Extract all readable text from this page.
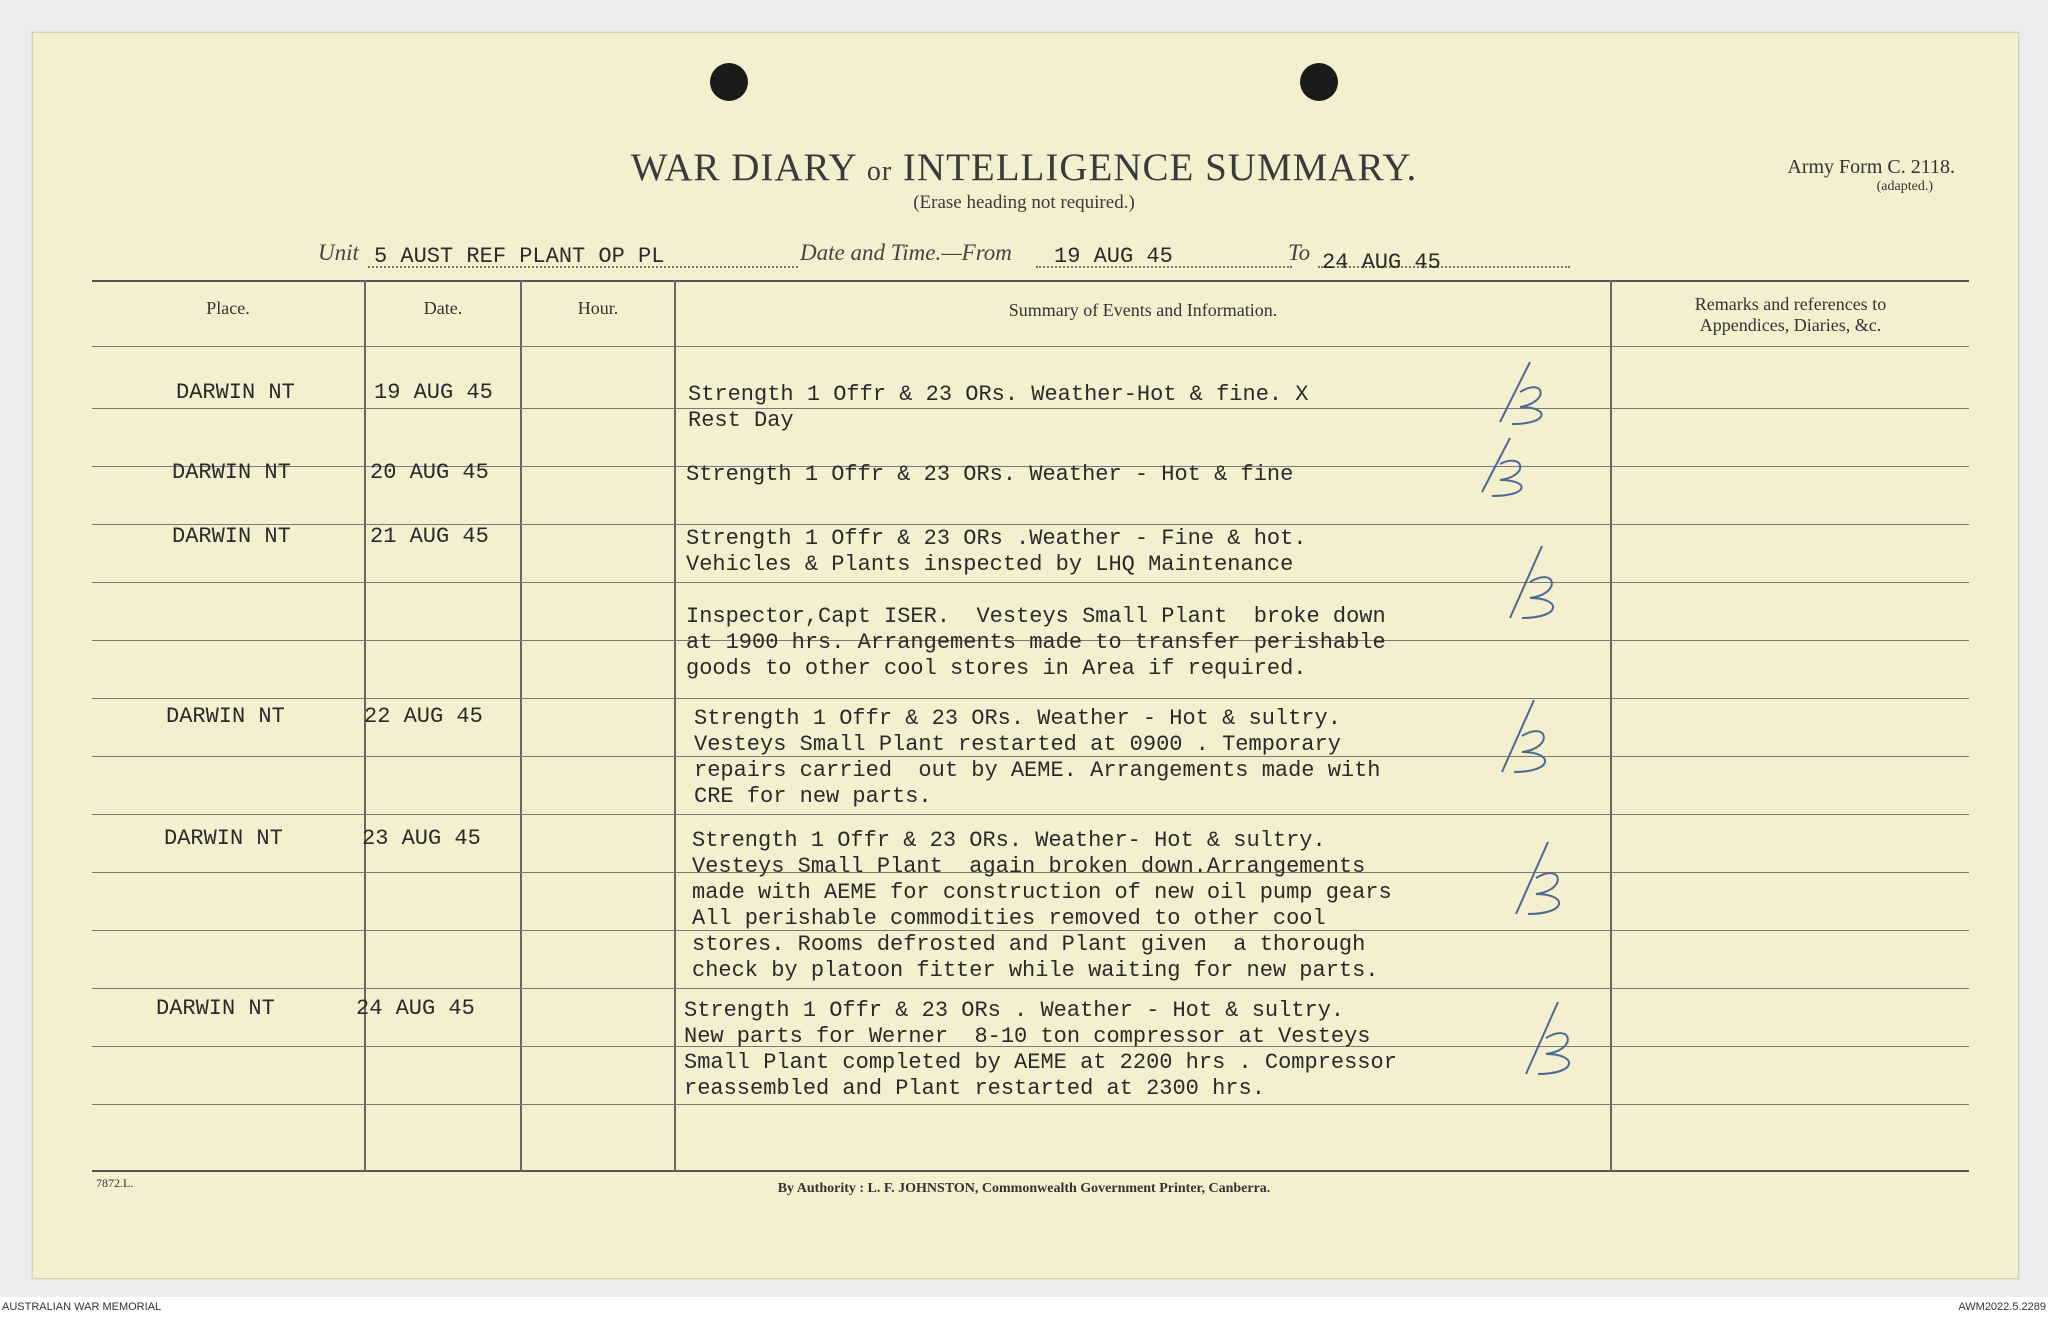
WAR DIARY or INTELLIGENCE SUMMARY.
(Erase heading not required.)
Army Form C. 2118.
(adapted.)
Unit 5 AUST REF PLANT OP PL	Date and Time.—From 19 AUG 45	To 24 AUG 45
Place.	Date.	Hour.	Summary of Events and Information.	Remarks and references to
Appendices, Diaries, &c.
DARWIN NT	19 AUG 45	Strength 1 Offr & 23 ORs. Weather-Hot & fine. X
Rest Day
DARWIN NT	20 AUG 45	Strength 1 Offr & 23 ORs. Weather - Hot & fine
DARWIN NT	21 AUG 45	Strength 1 Offr & 23 ORs .Weather - Fine & hot.
Vehicles & Plants inspected by LHQ Maintenance

Inspector,Capt ISER.  Vesteys Small Plant  broke down
at 1900 hrs. Arrangements made to transfer perishable
goods to other cool stores in Area if required.
DARWIN NT	22 AUG 45	Strength 1 Offr & 23 ORs. Weather - Hot & sultry.
Vesteys Small Plant restarted at 0900 . Temporary
repairs carried  out by AEME. Arrangements made with
CRE for new parts.
DARWIN NT	23 AUG 45	Strength 1 Offr & 23 ORs. Weather- Hot & sultry.
Vesteys Small Plant  again broken down.Arrangements
made with AEME for construction of new oil pump gears
All perishable commodities removed to other cool
stores. Rooms defrosted and Plant given  a thorough
check by platoon fitter while waiting for new parts.
DARWIN NT	24 AUG 45	Strength 1 Offr & 23 ORs . Weather - Hot & sultry.
New parts for Werner  8-10 ton compressor at Vesteys
Small Plant completed by AEME at 2200 hrs . Compressor
reassembled and Plant restarted at 2300 hrs.
7872.L.	By Authority : L. F. JOHNSTON, Commonwealth Government Printer, Canberra.
AUSTRALIAN WAR MEMORIAL	AWM2022.5.2289
